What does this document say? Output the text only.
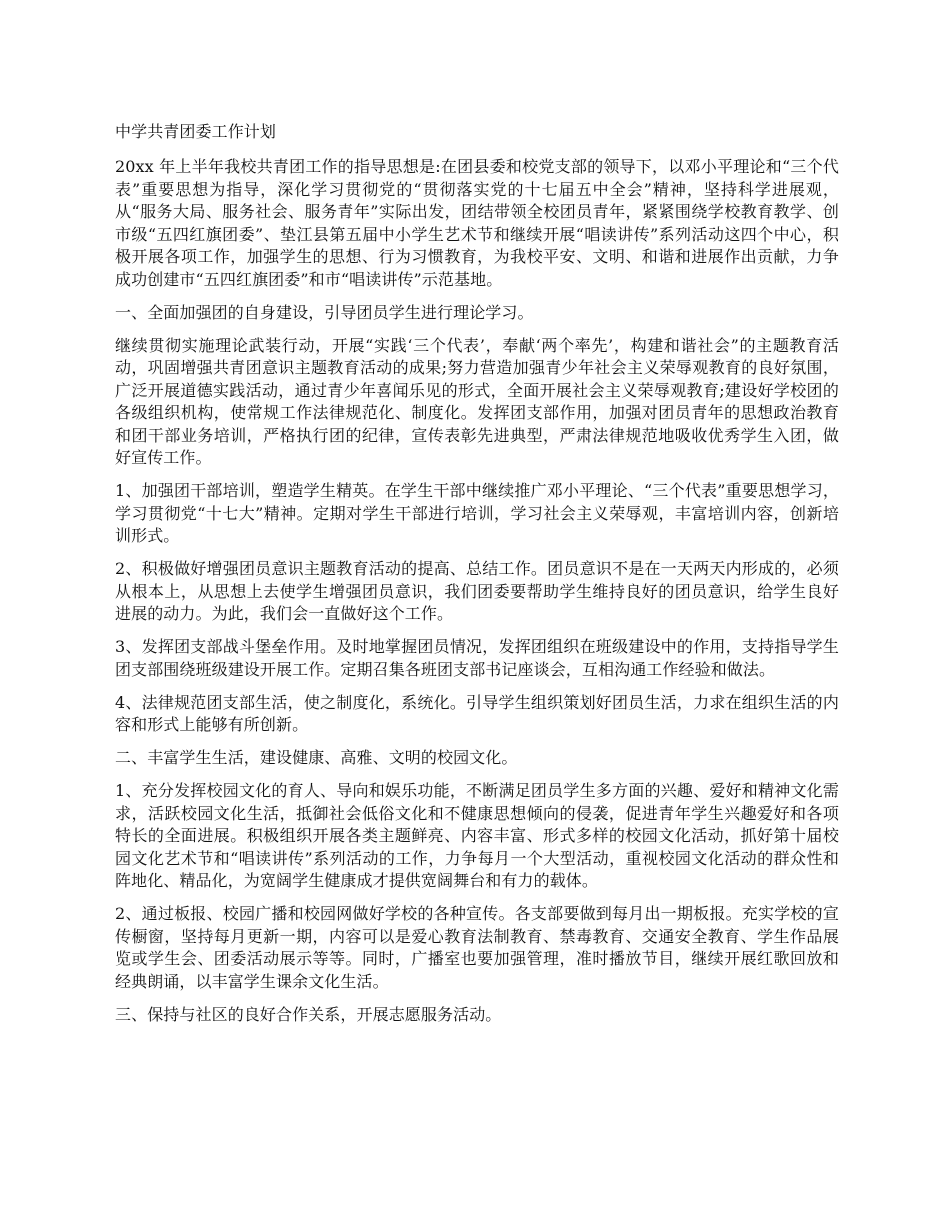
中学共青团委工作计划

20xx 年上半年我校共青团工作的指导思想是:在团县委和校党支部的领导下，以邓小平理论和“三个代表”重要思想为指导，深化学习贯彻党的“贯彻落实党的十七届五中全会”精神，坚持科学进展观，从“服务大局、服务社会、服务青年”实际出发，团结带领全校团员青年，紧紧围绕学校教育教学、创市级“五四红旗团委”、垫江县第五届中小学生艺术节和继续开展“唱读讲传”系列活动这四个中心，积极开展各项工作，加强学生的思想、行为习惯教育，为我校平安、文明、和谐和进展作出贡献，力争成功创建市“五四红旗团委”和市“唱读讲传”示范基地。

一、全面加强团的自身建设，引导团员学生进行理论学习。

继续贯彻实施理论武装行动，开展“实践‘三个代表’，奉献‘两个率先’，构建和谐社会”的主题教育活动，巩固增强共青团意识主题教育活动的成果;努力营造加强青少年社会主义荣辱观教育的良好氛围，广泛开展道德实践活动，通过青少年喜闻乐见的形式，全面开展社会主义荣辱观教育;建设好学校团的各级组织机构，使常规工作法律规范化、制度化。发挥团支部作用，加强对团员青年的思想政治教育和团干部业务培训，严格执行团的纪律，宣传表彰先进典型，严肃法律规范地吸收优秀学生入团，做好宣传工作。

1、加强团干部培训，塑造学生精英。在学生干部中继续推广邓小平理论、“三个代表”重要思想学习，学习贯彻党“十七大”精神。定期对学生干部进行培训，学习社会主义荣辱观，丰富培训内容，创新培训形式。

2、积极做好增强团员意识主题教育活动的提高、总结工作。团员意识不是在一天两天内形成的，必须从根本上，从思想上去使学生增强团员意识，我们团委要帮助学生维持良好的团员意识，给学生良好进展的动力。为此，我们会一直做好这个工作。

3、发挥团支部战斗堡垒作用。及时地掌握团员情况，发挥团组织在班级建设中的作用，支持指导学生团支部围绕班级建设开展工作。定期召集各班团支部书记座谈会，互相沟通工作经验和做法。

4、法律规范团支部生活，使之制度化，系统化。引导学生组织策划好团员生活，力求在组织生活的内容和形式上能够有所创新。

二、丰富学生生活，建设健康、高雅、文明的校园文化。

1、充分发挥校园文化的育人、导向和娱乐功能，不断满足团员学生多方面的兴趣、爱好和精神文化需求，活跃校园文化生活，抵御社会低俗文化和不健康思想倾向的侵袭，促进青年学生兴趣爱好和各项特长的全面进展。积极组织开展各类主题鲜亮、内容丰富、形式多样的校园文化活动，抓好第十届校园文化艺术节和“唱读讲传”系列活动的工作，力争每月一个大型活动，重视校园文化活动的群众性和阵地化、精品化，为宽阔学生健康成才提供宽阔舞台和有力的载体。

2、通过板报、校园广播和校园网做好学校的各种宣传。各支部要做到每月出一期板报。充实学校的宣传橱窗，坚持每月更新一期，内容可以是爱心教育法制教育、禁毒教育、交通安全教育、学生作品展览或学生会、团委活动展示等等。同时，广播室也要加强管理，准时播放节目，继续开展红歌回放和经典朗诵，以丰富学生课余文化生活。

三、保持与社区的良好合作关系，开展志愿服务活动。
